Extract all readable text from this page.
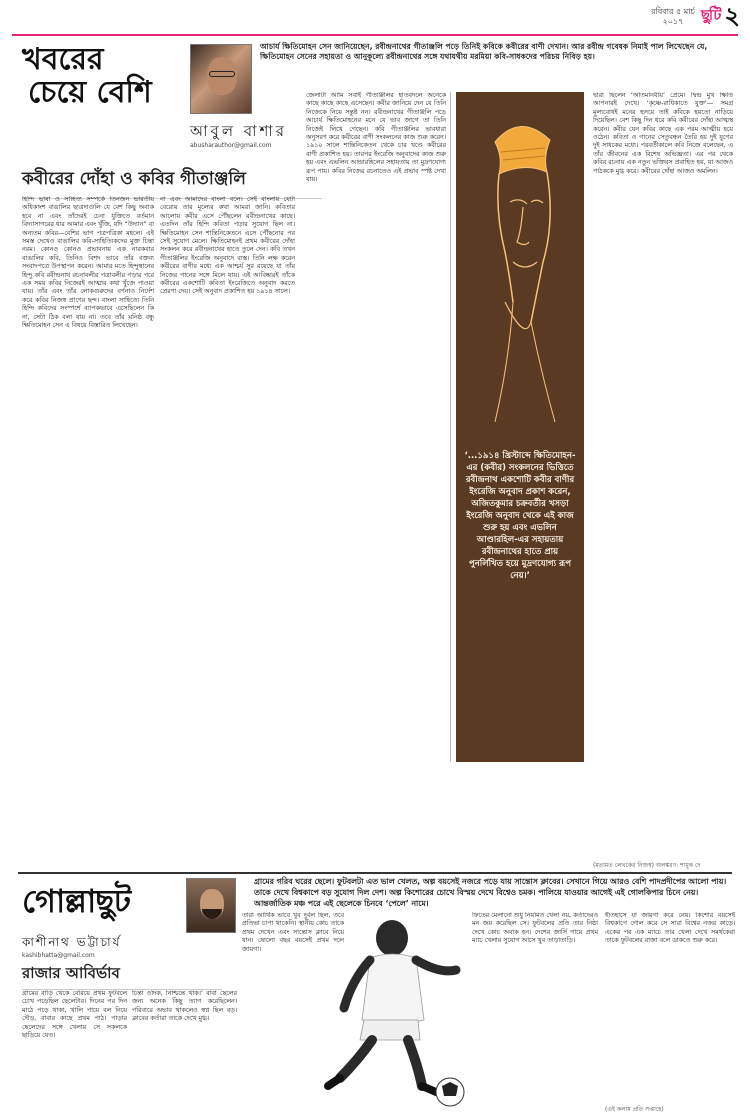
রবিবার ৫ মার্চ
২০১৭	ছুটি ২
খবরের
চেয়ে বেশি
আবুল বাশার
abusharauthor@gmail.com
আচার্য ক্ষিতিমোহন সেন জানিয়েছেন, রবীন্দ্রনাথের গীতাঞ্জলি পড়ে তিনিই কবিকে কবীরের বাণী দেখান। আর রবীন্দ্র গবেষক নিমাই পাল লিখেছেন যে, ক্ষিতিমোহন সেনের সহায়তা ও আনুকূল্যে রবীন্দ্রনাথের সঙ্গে যথাযথীয় মরমিয়া কবি-সাধকদের পরিচয় নিবিড় হয়।
কবীরের দোঁহা ও কবির গীতাঞ্জলি
হিন্দি ভাষা ও সাহিত্য সম্পর্কে তিনজন ভারতীয় অধিকাংশ বাঙালির ছাত্রদাগুলি যে বেশ কিছু অবাক হবে না এবং তাঁদেরই চেনা যুক্তিতে বর্তমান বিদ্যাসাগরের ধার আমার এবং খুঁজি, যদি “উদ্যান” বা অন্যতম কবির—বেশির ভাগ পত্রপত্রিকা মহলে। এই সমস্ত দেখেও বাঙালির কবি-সাহিত্যিকদের মুক্ত চিন্তা নরম। কোনও কোনও প্রভাবনায় এক নারকবার বাঙালির কবি, তিনিও বিশদ ভাবে তাঁর বক্তব্য সংবাদপত্রে উপস্থাপন করেন। আমার মতে হিন্দুস্থানের হিন্দু কবি রবীন্দ্রনাথ রচনাবলীর পত্রাবলীর পড়ার পরে এক সময় কবির নিজেরই আত্মার কথা খুঁজে পাওয়া যায়। তাঁর এবং তাঁর লোকগুরুদের বর্ণনাও নির্দেশ করে কবির নিজস্ব প্রাণের ছন্দ। বাংলা সাহিত্যে তিনি হিন্দি কবিদের সংস্পর্শে ব্যাপকভাবে এসেছিলেন কি না, সেটা ঠিক বলা যায় না। তবে তাঁর ঘনিষ্ঠ বন্ধু ক্ষিতিমোহন সেন এ বিষয়ে বিস্তারিত লিখেছেন।
না এবং আমাদের বাংলা বলে। সেই বাংলায় যেটা বেরোয় তার মূল্যের কথা আমরা জানি। কবিতার আলোয় কবীর এসে পৌঁছলেন রবীন্দ্রনাথের কাছে। এতদিন তাঁর হিন্দি কবিতা পড়ার সুযোগ ছিল না। ক্ষিতিমোহন সেন শান্তিনিকেতনে এসে পৌঁছনোর পর সেই সুযোগ মেলে। ক্ষিতিমোহনই প্রথম কবীরের দোঁহা সংকলন করে রবীন্দ্রনাথের হাতে তুলে দেন। কবি তখন গীতাঞ্জলির ইংরেজি অনুবাদে ব্যস্ত। তিনি লক্ষ করেন কবীরের বাণীর মধ্যে এক আশ্চর্য সুর রয়েছে যা তাঁর নিজের গানের সঙ্গে মিলে যায়। এই আবিষ্কারই তাঁকে কবীরের একশোটি কবিতা ইংরেজিতে অনুবাদ করতে প্রেরণা দেয়। সেই অনুবাদ প্রকাশিত হয় ১৯১৪ সালে।
জেলাটা আমি সবাই গীতাঞ্জলির হাতবদলে অনেকে কাছে কাছে কাছে এসেছেন। কবীর জানিয়ে দেন যে তিনি নিজেকে নিয়ে সন্তুষ্ট নন। রবীন্দ্রনাথের গীতাঞ্জলি পড়ে আচার্য ক্ষিতিমোহনের মনে যে ভাব জাগে তা তিনি নিজেই লিখে গেছেন। কবি গীতাঞ্জলির ভাবধারা অনুসরণ করে কবীরের বাণী সংকলনের কাজ শুরু করেন। ১৯১০ সালে শান্তিনিকেতন থেকে চার খণ্ডে কবীরের বাণী প্রকাশিত হয়। তারপর ইংরেজি অনুবাদের কাজ শুরু হয় এবং এভলিন আন্ডারহিলের সহায়তায় তা মুদ্রণযোগ্য রূপ পায়। কবির নিজের রচনাতেও এই প্রভাব স্পষ্ট দেখা যায়।
‘...১৯১৪ খ্রিস্টাব্দে ক্ষিতিমোহন-এর (কবীর) সংকলনের ভিত্তিতে রবীন্দ্রনাথ একশোটি কবীর বাণীর ইংরেজি অনুবাদ প্রকাশ করেন, অজিতকুমার চক্রবর্তীর খসড়া ইংরেজি অনুবাদ থেকে এই কাজ শুরু হয় এবং এভলিন আণ্ডারহিল-এর সহায়তায় রবীন্দ্রনাথের হাতে প্রায় পুনর্লিখিত হয়ে মুদ্রণযোগ্য রূপ নেয়।’
দ্বারা ছিলেন ‘অতিমানবীয়’ প্রেমে। দ্বিন্দ্র মুখ ক্ষিতি আপনারই দেখে। ‘কৃষ্ণে-রাধিকাতে যুক্ত’— সমগ্র মূল্যবোধই মনের হৃদয়ে তাই কবিকে হয়তো নাড়িয়ে দিয়েছিল। বেশ কিছু দিন ধরে কবি কবীরের দোঁহা আত্মস্থ করেন। কবীর যেন কবির কাছে এক পরম আত্মীয় হয়ে ওঠেন। কবিতা ও গানের সেতুবন্ধন তৈরি হয় দুই যুগের দুই সাধকের মধ্যে। পরবর্তীকালে কবি নিজে বলেছেন, এ তাঁর জীবনের এক বিশেষ অভিজ্ঞতা। এর পর থেকে কবির রচনায় এক নতুন ভক্তিরস প্রবাহিত হয়, যা আজও পাঠককে মুগ্ধ করে। কবীরের দোঁহা আজও অমলিন।
(মতামত লেখকের নিজস্ব) অলঙ্করণ: শামুক দে
গোল্লাছুট
কাশীনাথ ভট্টাচার্য
kashibhatta@gmail.com
রাজার আবির্ভাব
গ্রামের গরিব ঘরের ছেলে। ফুটবলটা এত ভাল খেলত, অল্প বয়সেই নজরে পড়ে যায় সান্তোস ক্লাবের। সেখানে গিয়ে আরও বেশি পাদপ্রদীপের আলো পায়। তাকে দেখে বিশ্বকাপে বড় সুযোগ দিল দেশ। অল্প কিশোরের চোখে বিস্ময় দেখে বিশ্বেও চমক। পালিয়ে যাওয়ার আগেই এই গোলকিপার চিনে নেয়। আন্তর্জাতিক মঞ্চ পরে এই ছেলেকে চিনবে ‘পেলে’ নামে।
গ্রামের বাড়ি থেকে বেরিয়ে প্রথম ফুটবলে চোখ পড়েছিল ছেলেটার। দিনের পর দিন মাঠে পড়ে থাকা, খালি পায়ে বল নিয়ে দৌড়, বাবার কাছে প্রথম পাঠ। পাড়ার ছেলেদের সঙ্গে খেলায় সে সকলকে ছাড়িয়ে যেত।
চিন্তা ওদিক, নিশ্চিন্তে থাক।’ বাবা ছেলের জন্য অনেক কিছু ত্যাগ করেছিলেন। পরিবারে অভাব থাকলেও স্বপ্ন ছিল বড়। ক্লাবের কর্তারা তাকে দেখে মুগ্ধ।
তারা আর্থিক ভাবে খুব দুর্বল ছিল, তবে প্রতিভা চাপা থাকেনি। স্থানীয় কোচ তাকে প্রথম দেখেন এবং সান্তোস ক্লাবে নিয়ে যান। ষোলো বছর বয়সেই প্রথম দলে জায়গা।
ফিতের মেলানো শুধু নিয়মিত খেলা নয়, কর্তাদেরও মন জয় করেছিল সে। ফুটবলের প্রতি তার নিষ্ঠা দেখে কোচ অবাক হন। দেশের জার্সি গায়ে প্রথম ম্যাচ খেলার সুযোগ আসে খুব তাড়াতাড়ি।
ইতিহাসে যা জায়গা করে নেয়। কিশোর বয়সেই বিশ্বকাপে গোল করে সে সারা বিশ্বের নজর কাড়ে। একের পর এক ম্যাচে তার খেলা দেখে সমর্থকেরা তাকে ফুটবলের রাজা বলে ডাকতে শুরু করে।
(এই কলাম প্রতি সপ্তাহে)
